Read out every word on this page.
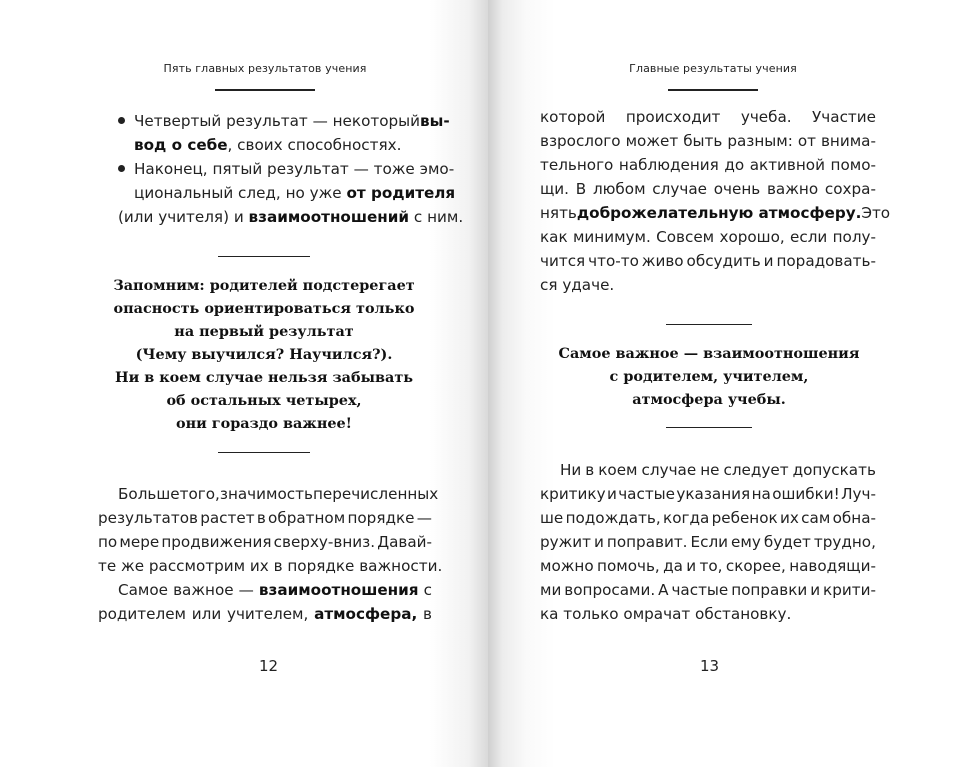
Пять главных результатов учения
Четвертый результат — некоторый вы-
вод о себе, своих способностях.
Наконец, пятый результат — тоже эмо-
циональный след, но уже от родителя
(или учителя) и взаимоотношений с ним.
Запомним: родителей подстерегает
опасность ориентироваться только
на первый результат
(Чему выучился? Научился?).
Ни в коем случае нельзя забывать
об остальных четырех,
они гораздо важнее!
Больше того, значимость перечисленных
результатов растет в обратном порядке —
по мере продвижения сверху-вниз. Давай-
те же рассмотрим их в порядке важности.
Самое важное — взаимоотношения с
родителем или учителем, атмосфера, в
12
Главные результаты учения
которой происходит учеба. Участие
взрослого может быть разным: от внима-
тельного наблюдения до активной помо-
щи. В любом случае очень важно сохра-
нять доброжелательную атмосферу. Это
как минимум. Совсем хорошо, если полу-
чится что-то живо обсудить и порадовать-
ся удаче.
Самое важное — взаимоотношения
с родителем, учителем,
атмосфера учебы.
Ни в коем случае не следует допускать
критику и частые указания на ошибки! Луч-
ше подождать, когда ребенок их сам обна-
ружит и поправит. Если ему будет трудно,
можно помочь, да и то, скорее, наводящи-
ми вопросами. А частые поправки и крити-
ка только омрачат обстановку.
13
